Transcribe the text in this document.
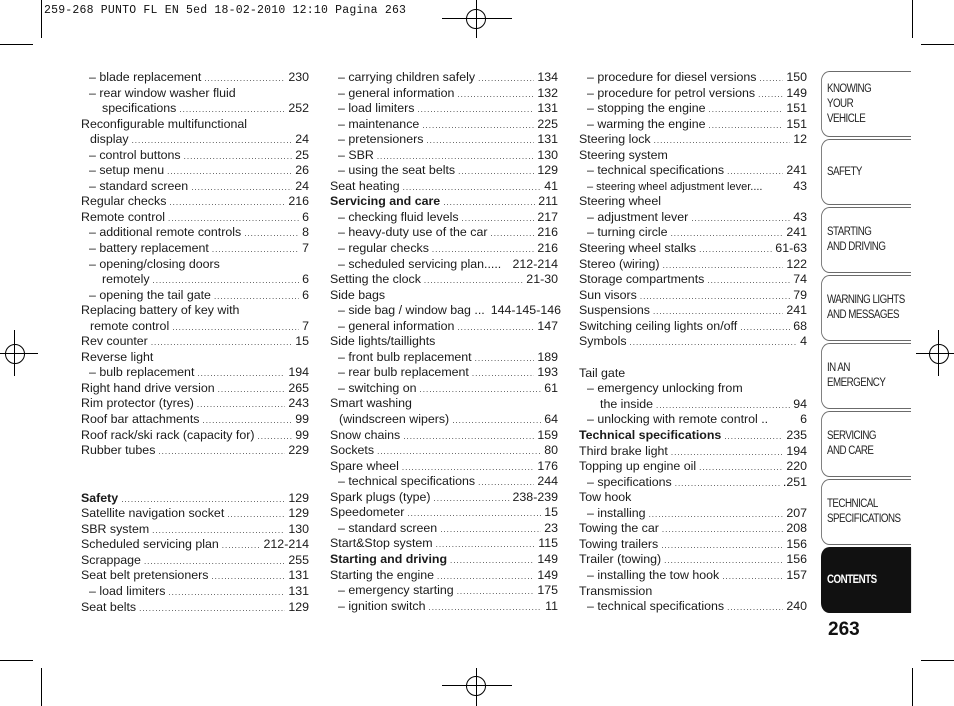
259-268 PUNTO FL EN 5ed 18-02-2010 12:10 Pagina 263
– blade replacement .....	230
– rear window washer fluid
specifications .....	252
Reconfigurable multifunctional
display .....	24
– control buttons .....	25
– setup menu .....	26
– standard screen .....	24
Regular checks .....	216
Remote control .....	6
– additional remote controls .....	8
– battery replacement .....	7
– opening/closing doors
remotely .....	6
– opening the tail gate .....	6
Replacing battery of key with
remote control .....	7
Rev counter .....	15
Reverse light
– bulb replacement .....	194
Right hand drive version .....	265
Rim protector (tyres) .....	243
Roof bar attachments .....	99
Roof rack/ski rack (capacity for) .....	99
Rubber tubes .....	229
Safety .....	129
Satellite navigation socket .....	129
SBR system .....	130
Scheduled servicing plan .....	212-214
Scrappage .....	255
Seat belt pretensioners .....	131
– load limiters .....	131
Seat belts .....	129
– carrying children safely .....	134
– general information .....	132
– load limiters .....	131
– maintenance .....	225
– pretensioners .....	131
– SBR .....	130
– using the seat belts .....	129
Seat heating .....	41
Servicing and care .....	211
– checking fluid levels .....	217
– heavy-duty use of the car .....	216
– regular checks .....	216
– scheduled servicing plan..... 212-214
Setting the clock .....	21-30
Side bags
– side bag / window bag ... 144-145-146
– general information .....	147
Side lights/taillights
– front bulb replacement .....	189
– rear bulb replacement .....	193
– switching on .....	61
Smart washing
(windscreen wipers) .....	64
Snow chains .....	159
Sockets .....	80
Spare wheel .....	176
– technical specifications .....	244
Spark plugs (type) .....	238-239
Speedometer .....	15
– standard screen .....	23
Start&Stop system .....	115
Starting and driving .....	149
Starting the engine .....	149
– emergency starting .....	175
– ignition switch .....	11
– procedure for diesel versions ..... 150
– procedure for petrol versions .....	149
– stopping the engine .....	151
– warming the engine .....	151
Steering lock .....	12
Steering system
– technical specifications .....	241
– steering wheel adjustment lever.... 43
Steering wheel
– adjustment lever .....	43
– turning circle .....	241
Steering wheel stalks .....	61-63
Stereo (wiring) .....	122
Storage compartments .....	74
Sun visors .....	79
Suspensions .....	241
Switching ceiling lights on/off .....	68
Symbols .....	4
Tail gate
– emergency unlocking from
the inside .....	94
– unlocking with remote control ..	6
Technical specifications .....	235
Third brake light .....	194
Topping up engine oil .....	220
– specifications .....	.251
Tow hook
– installing .....	207
Towing the car .....	208
Towing trailers .....	156
Trailer (towing) .....	156
– installing the tow hook .....	157
Transmission
– technical specifications .....	240
KNOWING
YOUR
VEHICLE
SAFETY
STARTING
AND DRIVING
WARNING LIGHTS
AND MESSAGES
IN AN
EMERGENCY
SERVICING
AND CARE
TECHNICAL
SPECIFICATIONS
CONTENTS
263
